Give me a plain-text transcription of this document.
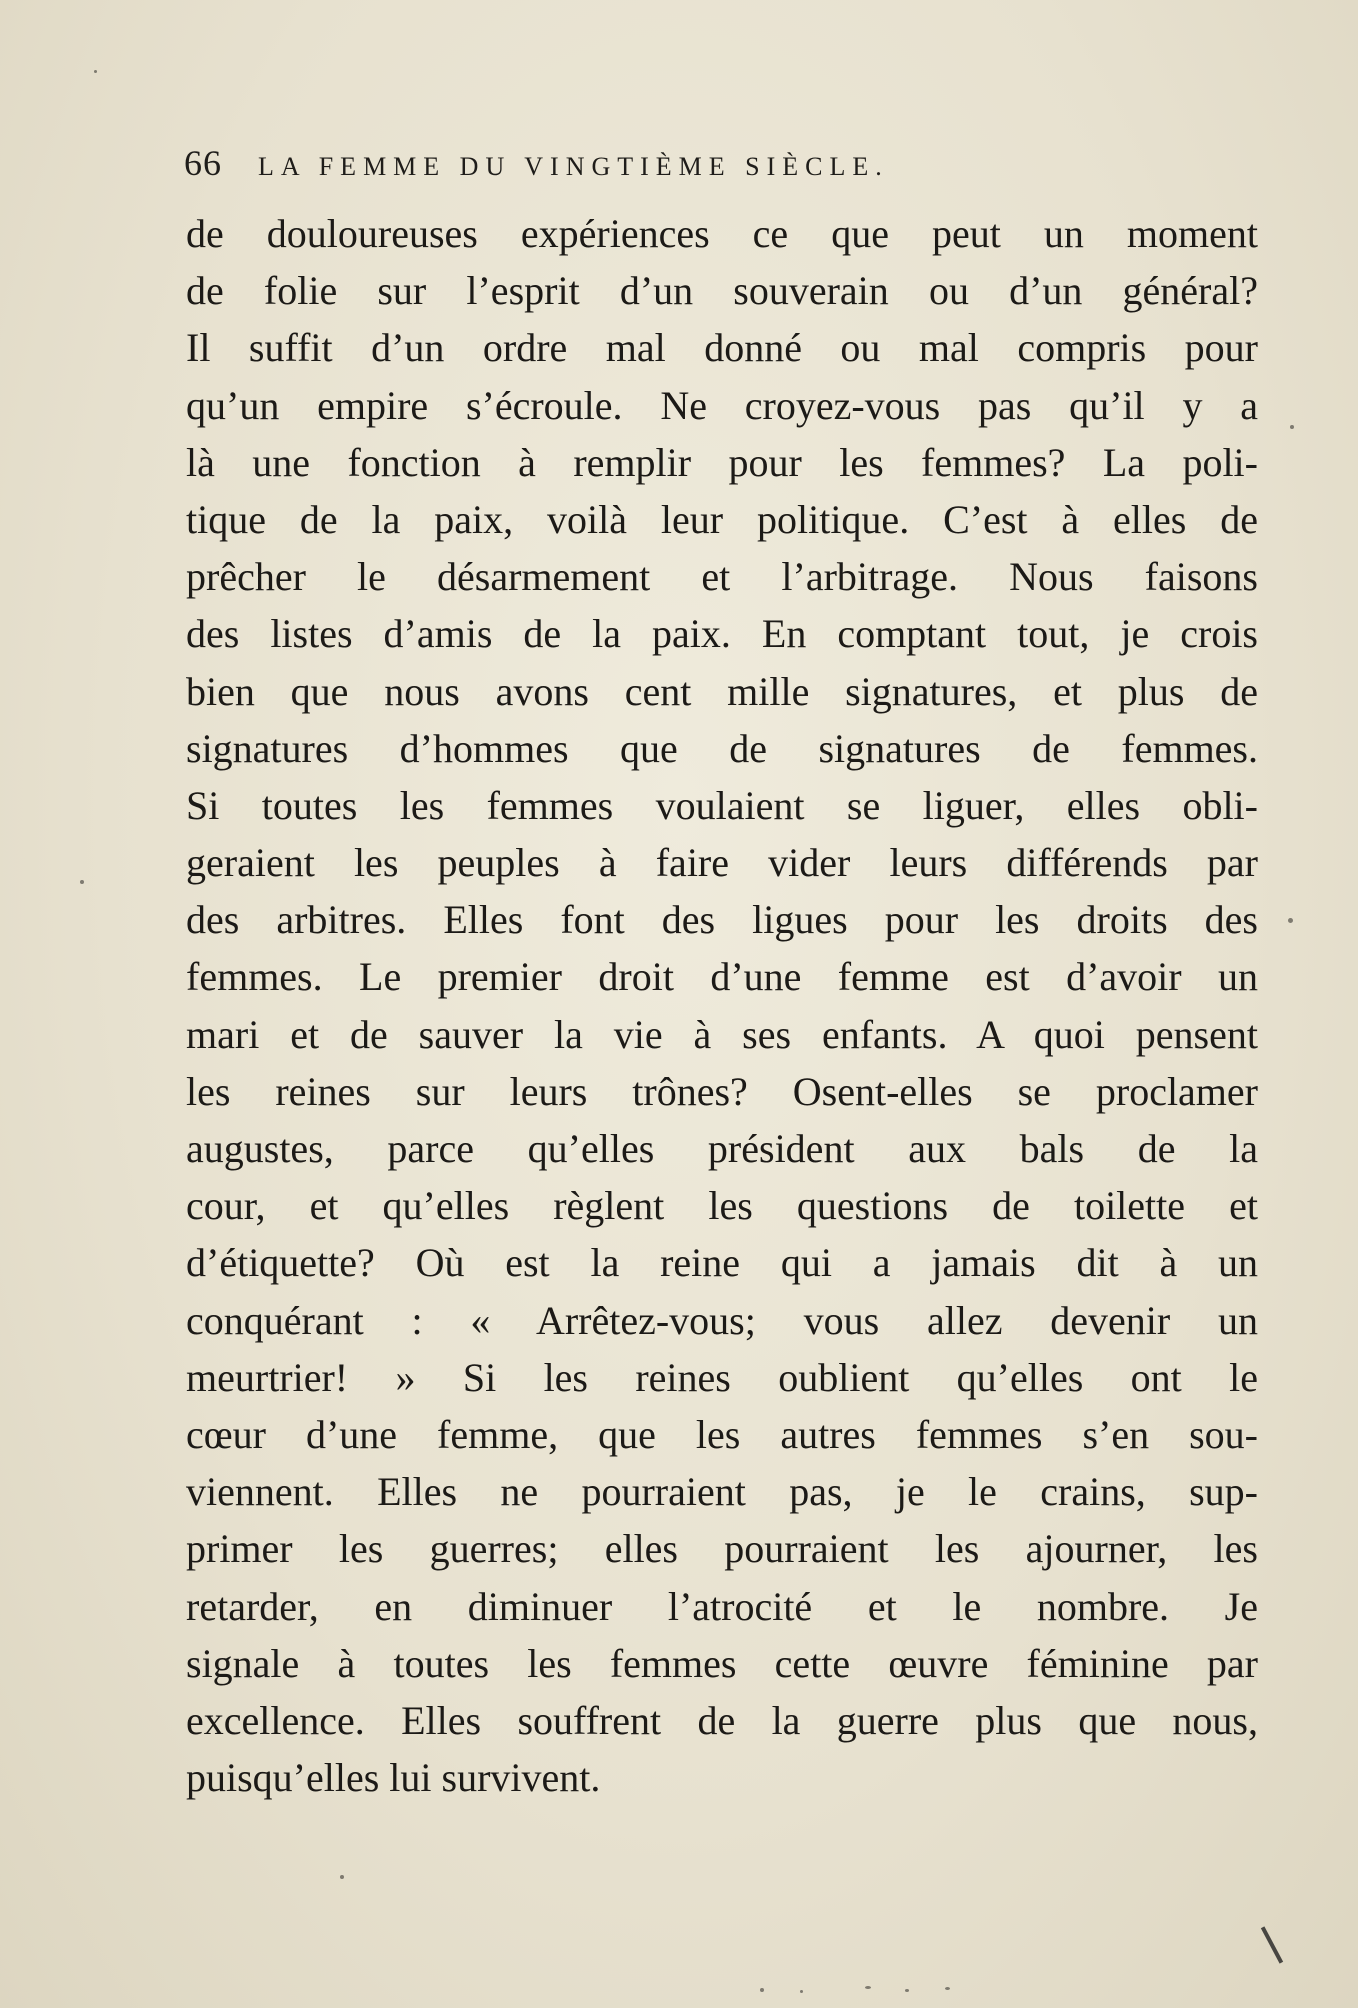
66 LA FEMME DU VINGTIÈME SIÈCLE.
de douloureuses expériences ce que peut un moment
de folie sur l’esprit d’un souverain ou d’un général?
Il suffit d’un ordre mal donné ou mal compris pour
qu’un empire s’écroule. Ne croyez-vous pas qu’il y a
là une fonction à remplir pour les femmes? La poli-
tique de la paix, voilà leur politique. C’est à elles de
prêcher le désarmement et l’arbitrage. Nous faisons
des listes d’amis de la paix. En comptant tout, je crois
bien que nous avons cent mille signatures, et plus de
signatures d’hommes que de signatures de femmes.
Si toutes les femmes voulaient se liguer, elles obli-
geraient les peuples à faire vider leurs différends par
des arbitres. Elles font des ligues pour les droits des
femmes. Le premier droit d’une femme est d’avoir un
mari et de sauver la vie à ses enfants. A quoi pensent
les reines sur leurs trônes? Osent-elles se proclamer
augustes, parce qu’elles président aux bals de la
cour, et qu’elles règlent les questions de toilette et
d’étiquette? Où est la reine qui a jamais dit à un
conquérant : « Arrêtez-vous; vous allez devenir un
meurtrier! » Si les reines oublient qu’elles ont le
cœur d’une femme, que les autres femmes s’en sou-
viennent. Elles ne pourraient pas, je le crains, sup-
primer les guerres; elles pourraient les ajourner, les
retarder, en diminuer l’atrocité et le nombre. Je
signale à toutes les femmes cette œuvre féminine par
excellence. Elles souffrent de la guerre plus que nous,
puisqu’elles lui survivent.
